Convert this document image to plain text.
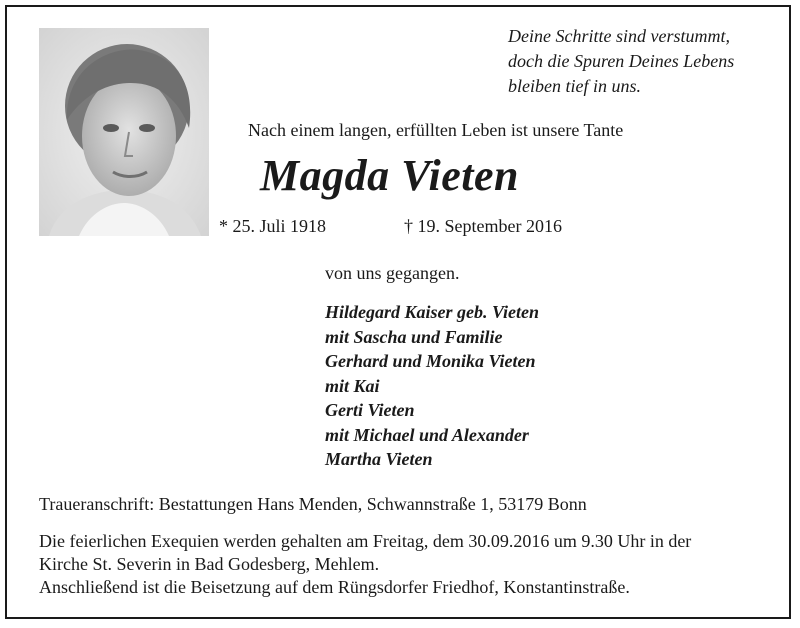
Deine Schritte sind verstummt,
doch die Spuren Deines Lebens
bleiben tief in uns.
Nach einem langen, erfüllten Leben ist unsere Tante
Magda Vieten
* 25. Juli 1918	† 19. September 2016
von uns gegangen.
Hildegard Kaiser geb. Vieten
mit Sascha und Familie
Gerhard und Monika Vieten
mit Kai
Gerti Vieten
mit Michael und Alexander
Martha Vieten
Traueranschrift: Bestattungen Hans Menden, Schwannstraße 1, 53179 Bonn
Die feierlichen Exequien werden gehalten am Freitag, dem 30.09.2016 um 9.30 Uhr in der
Kirche St. Severin in Bad Godesberg, Mehlem.
Anschließend ist die Beisetzung auf dem Rüngsdorfer Friedhof, Konstantinstraße.
